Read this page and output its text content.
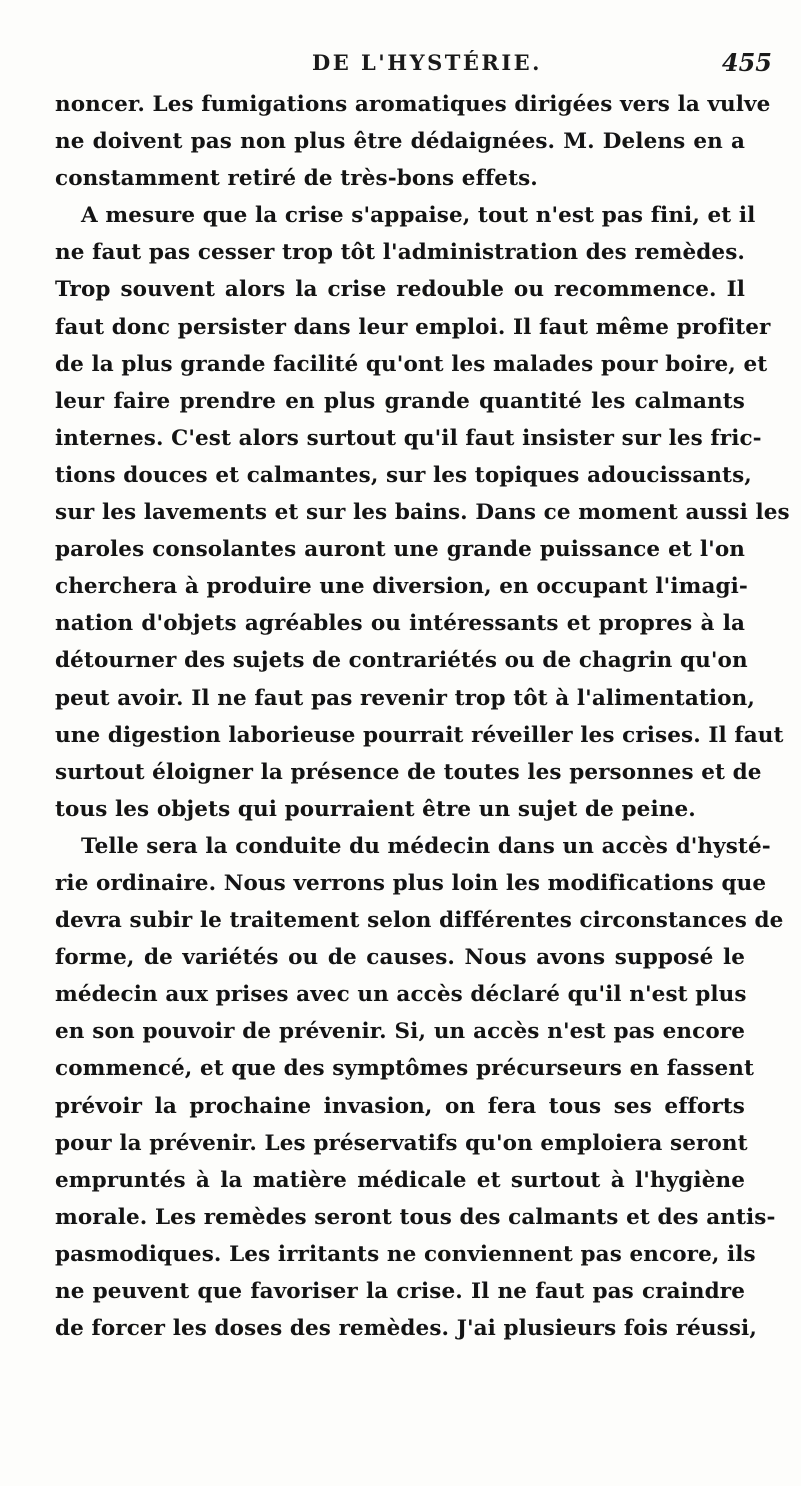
DE L'HYSTÉRIE.	455
noncer. Les fumigations aromatiques dirigées vers la vulve
ne doivent pas non plus être dédaignées. M. Delens en a
constamment retiré de très-bons effets.
A mesure que la crise s'appaise, tout n'est pas fini, et il
ne faut pas cesser trop tôt l'administration des remèdes.
Trop souvent alors la crise redouble ou recommence. Il
faut donc persister dans leur emploi. Il faut même profiter
de la plus grande facilité qu'ont les malades pour boire, et
leur faire prendre en plus grande quantité les calmants
internes. C'est alors surtout qu'il faut insister sur les fric-
tions douces et calmantes, sur les topiques adoucissants,
sur les lavements et sur les bains. Dans ce moment aussi les
paroles consolantes auront une grande puissance et l'on
cherchera à produire une diversion, en occupant l'imagi-
nation d'objets agréables ou intéressants et propres à la
détourner des sujets de contrariétés ou de chagrin qu'on
peut avoir. Il ne faut pas revenir trop tôt à l'alimentation,
une digestion laborieuse pourrait réveiller les crises. Il faut
surtout éloigner la présence de toutes les personnes et de
tous les objets qui pourraient être un sujet de peine.
Telle sera la conduite du médecin dans un accès d'hysté-
rie ordinaire. Nous verrons plus loin les modifications que
devra subir le traitement selon différentes circonstances de
forme, de variétés ou de causes. Nous avons supposé le
médecin aux prises avec un accès déclaré qu'il n'est plus
en son pouvoir de prévenir. Si, un accès n'est pas encore
commencé, et que des symptômes précurseurs en fassent
prévoir la prochaine invasion, on fera tous ses efforts
pour la prévenir. Les préservatifs qu'on emploiera seront
empruntés à la matière médicale et surtout à l'hygiène
morale. Les remèdes seront tous des calmants et des antis-
pasmodiques. Les irritants ne conviennent pas encore, ils
ne peuvent que favoriser la crise. Il ne faut pas craindre
de forcer les doses des remèdes. J'ai plusieurs fois réussi,
